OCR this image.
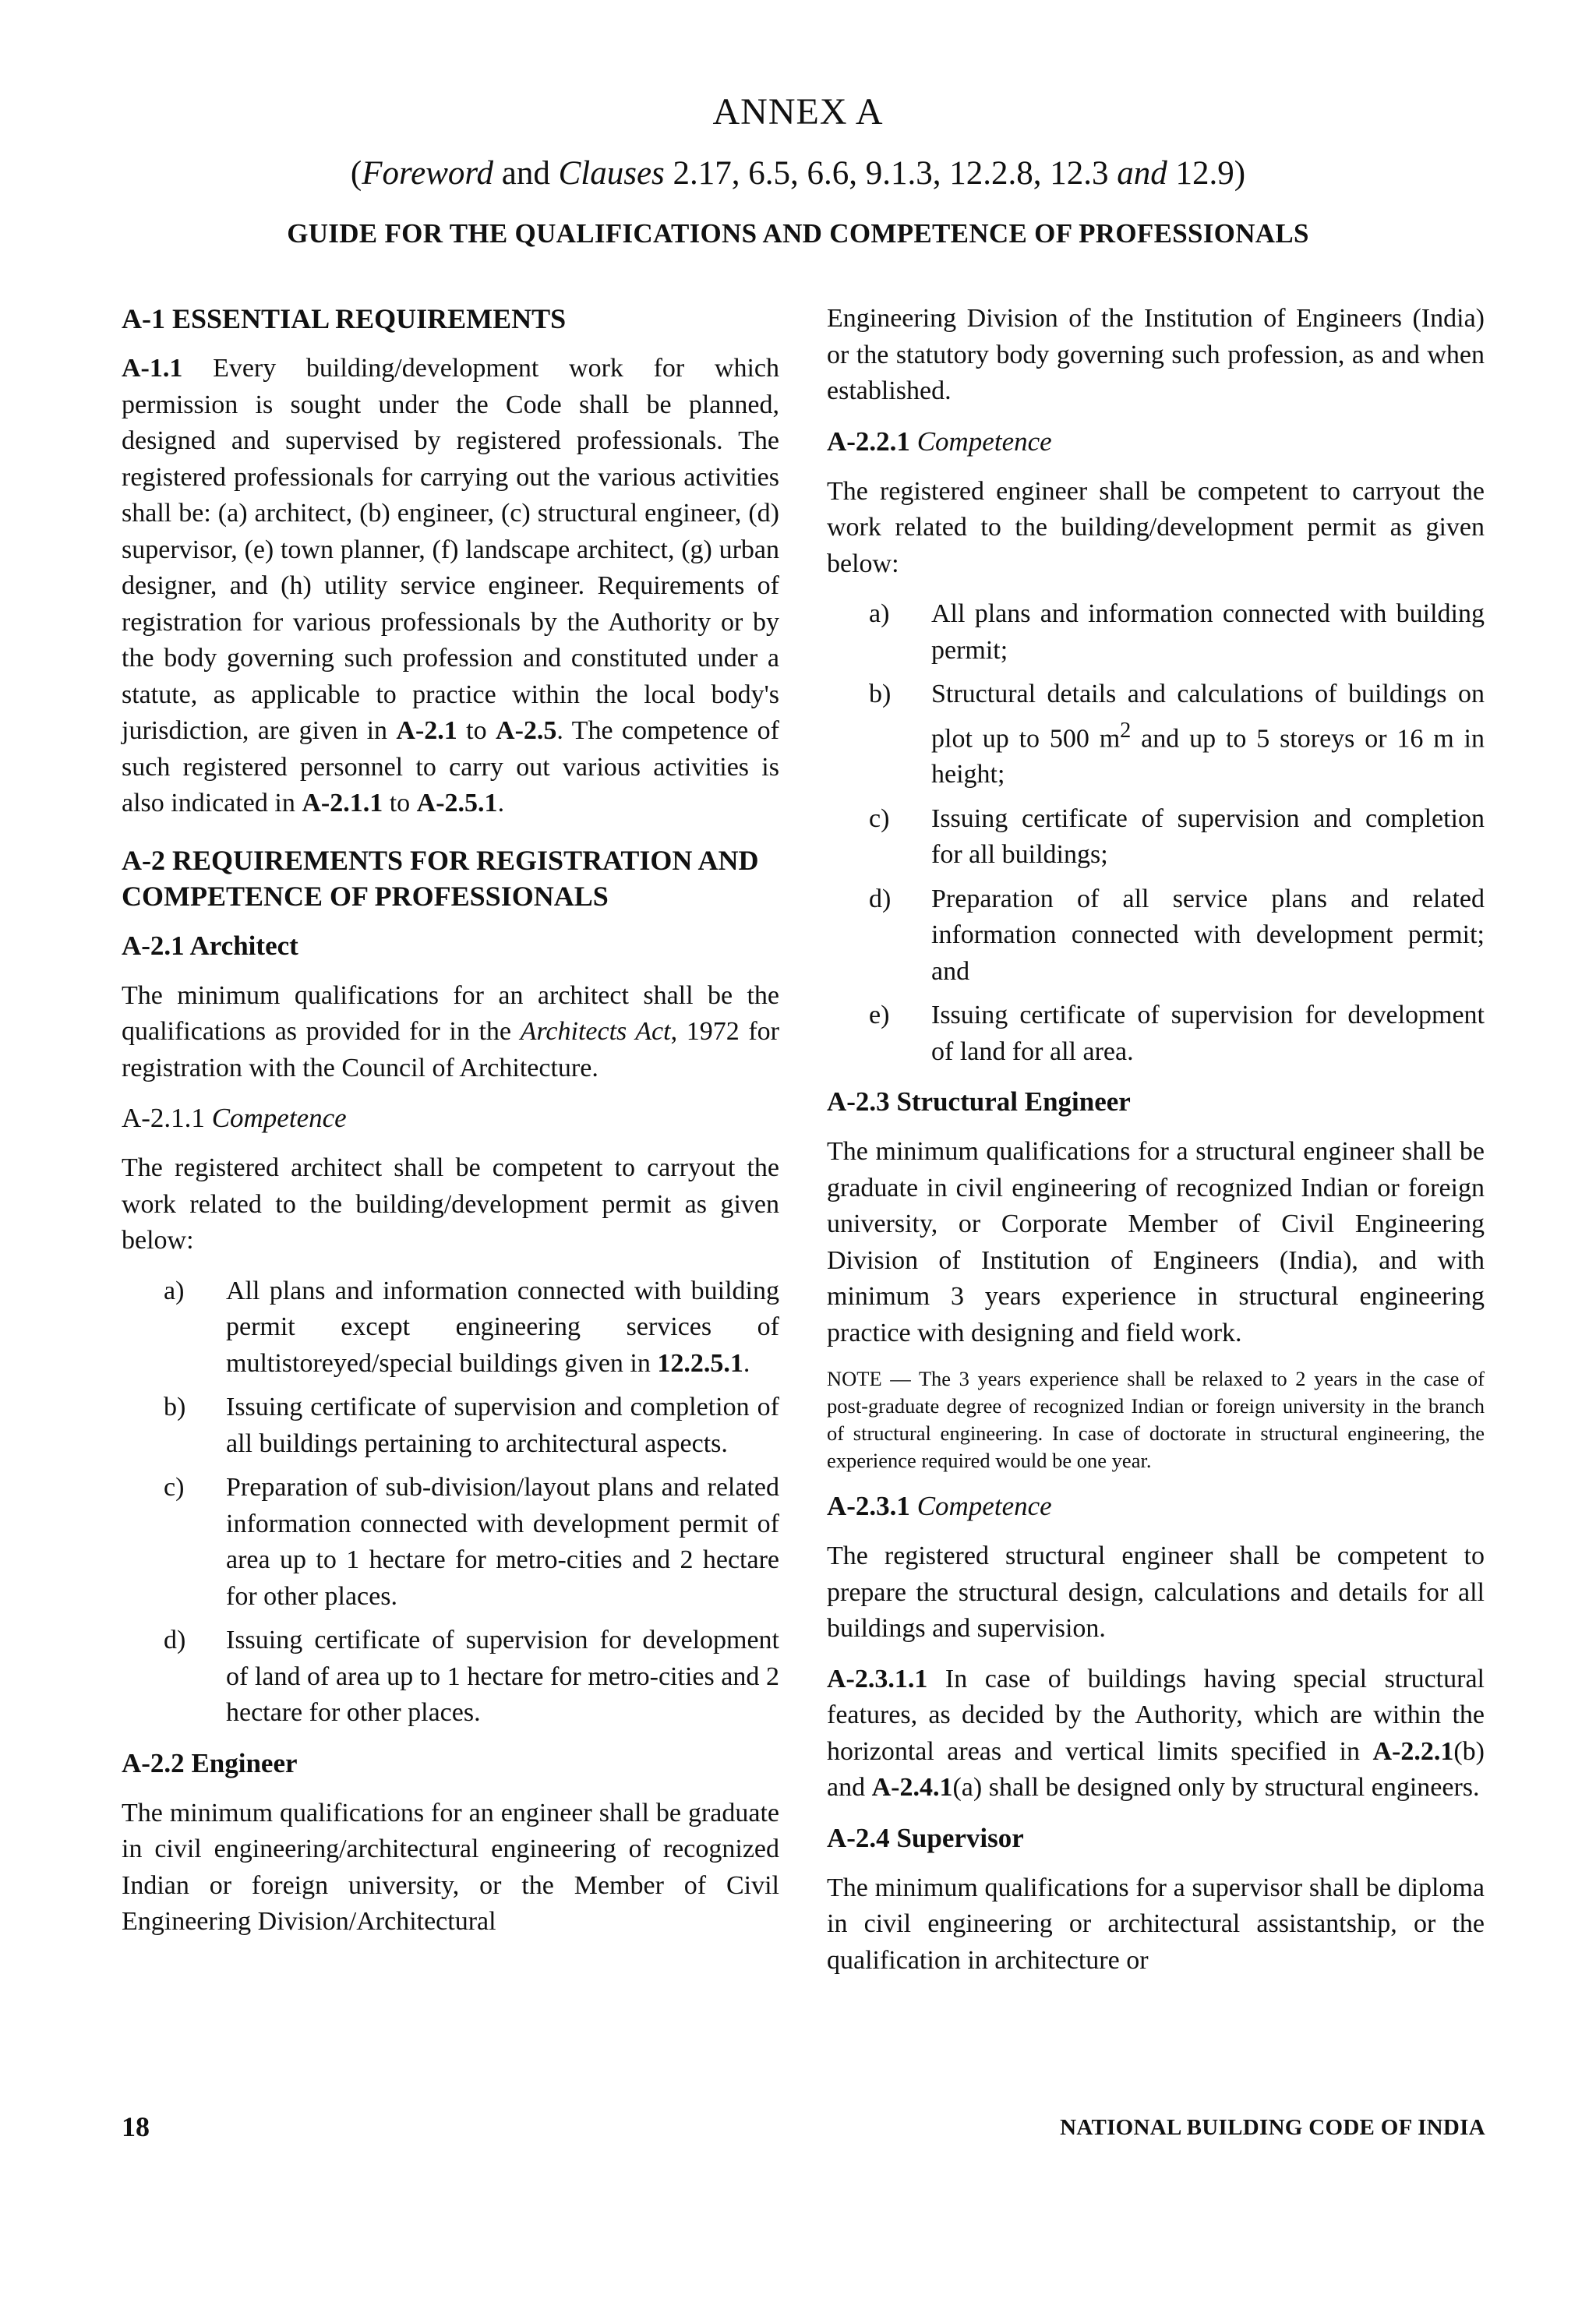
ANNEX A
(Foreword and Clauses 2.17, 6.5, 6.6, 9.1.3, 12.2.8, 12.3 and 12.9)
GUIDE FOR THE QUALIFICATIONS AND COMPETENCE OF PROFESSIONALS
A-1 ESSENTIAL REQUIREMENTS

A-1.1 Every building/development work for which permission is sought under the Code shall be planned, designed and supervised by registered professionals. The registered professionals for carrying out the various activities shall be: (a) architect, (b) engineer, (c) structural engineer, (d) supervisor, (e) town planner, (f) landscape architect, (g) urban designer, and (h) utility service engineer. Requirements of registration for various professionals by the Authority or by the body governing such profession and constituted under a statute, as applicable to practice within the local body's jurisdiction, are given in A-2.1 to A-2.5. The competence of such registered personnel to carry out various activities is also indicated in A-2.1.1 to A-2.5.1.

A-2 REQUIREMENTS FOR REGISTRATION AND COMPETENCE OF PROFESSIONALS
A-2.1 Architect

The minimum qualifications for an architect shall be the qualifications as provided for in the Architects Act, 1972 for registration with the Council of Architecture.

A-2.1.1 Competence

The registered architect shall be competent to carryout the work related to the building/development permit as given below:

a)	All plans and information connected with building permit except engineering services of multistoreyed/special buildings given in 12.2.5.1.
b)	Issuing certificate of supervision and completion of all buildings pertaining to architectural aspects.
c)	Preparation of sub-division/layout plans and related information connected with development permit of area up to 1 hectare for metro-cities and 2 hectare for other places.
d)	Issuing certificate of supervision for development of land of area up to 1 hectare for metro-cities and 2 hectare for other places.
A-2.2 Engineer

The minimum qualifications for an engineer shall be graduate in civil engineering/architectural engineering of recognized Indian or foreign university, or the Member of Civil Engineering Division/Architectural

Engineering Division of the Institution of Engineers (India) or the statutory body governing such profession, as and when established.

A-2.2.1 Competence

The registered engineer shall be competent to carryout the work related to the building/development permit as given below:

a)	All plans and information connected with building permit;
b)	Structural details and calculations of buildings on plot up to 500 $m^2$ and up to 5 storeys or 16 m in height;
c)	Issuing certificate of supervision and completion for all buildings;
d)	Preparation of all service plans and related information connected with development permit; and
e)	Issuing certificate of supervision for development of land for all area.
A-2.3 Structural Engineer

The minimum qualifications for a structural engineer shall be graduate in civil engineering of recognized Indian or foreign university, or Corporate Member of Civil Engineering Division of Institution of Engineers (India), and with minimum 3 years experience in structural engineering practice with designing and field work.

NOTE — The 3 years experience shall be relaxed to 2 years in the case of post-graduate degree of recognized Indian or foreign university in the branch of structural engineering. In case of doctorate in structural engineering, the experience required would be one year.

A-2.3.1 Competence

The registered structural engineer shall be competent to prepare the structural design, calculations and details for all buildings and supervision.

A-2.3.1.1 In case of buildings having special structural features, as decided by the Authority, which are within the horizontal areas and vertical limits specified in A-2.2.1(b) and A-2.4.1(a) shall be designed only by structural engineers.

A-2.4 Supervisor

The minimum qualifications for a supervisor shall be diploma in civil engineering or architectural assistantship, or the qualification in architecture or

18	NATIONAL BUILDING CODE OF INDIA
